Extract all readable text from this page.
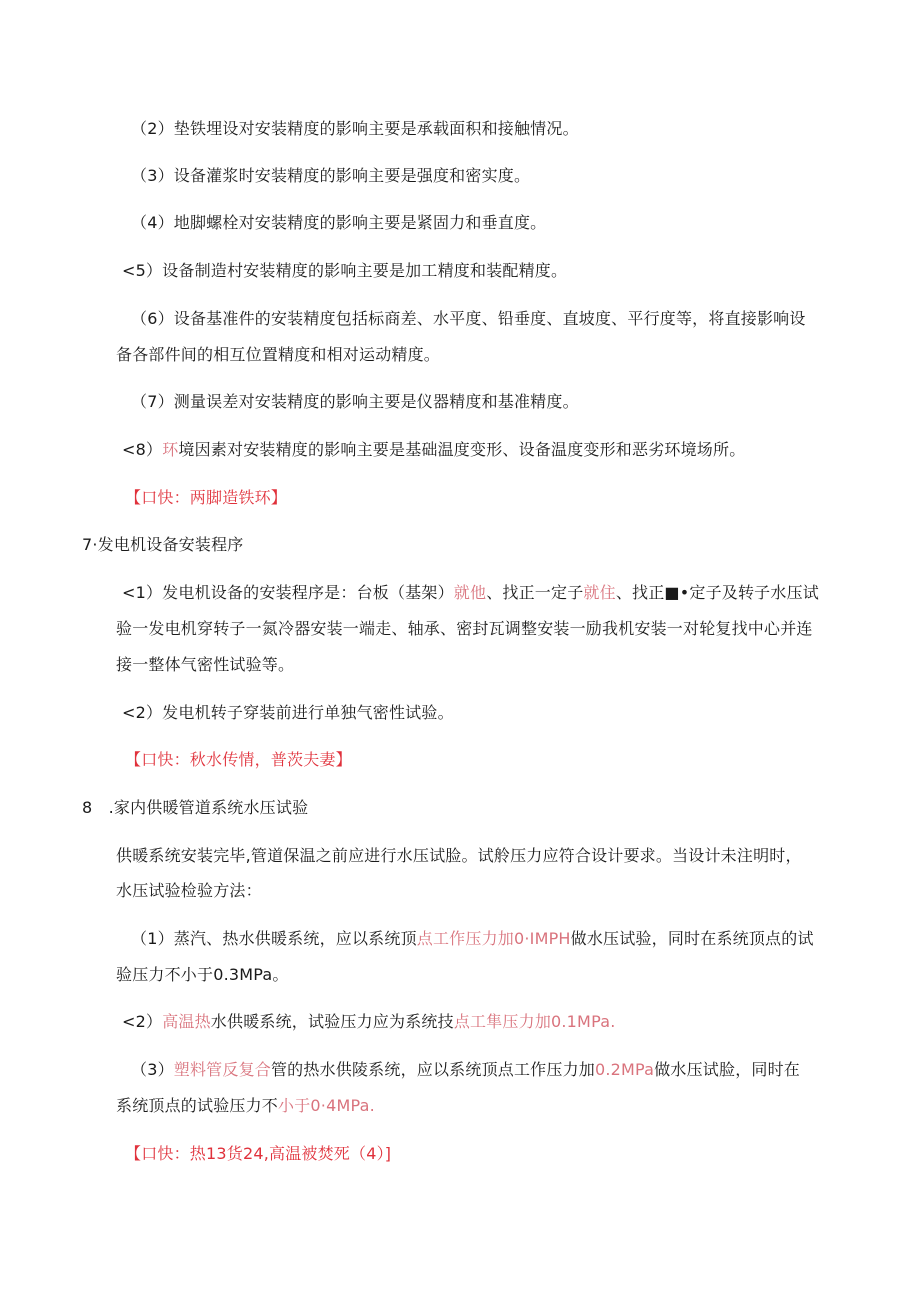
（2）垫铁埋设对安装精度的影响主要是承载面积和接触情况。
（3）设备灌浆时安装精度的影响主要是强度和密实度。
（4）地脚螺栓对安装精度的影响主要是紧固力和垂直度。
<5）设备制造村安装精度的影响主要是加工精度和装配精度。
（6）设备基准件的安装精度包括标商差、水平度、铅垂度、直坡度、平行度等，将直接影响设
备各部件间的相互位置精度和相对运动精度。
（7）测量误差对安装精度的影响主要是仪器精度和基准精度。
<8）环境因素对安装精度的影响主要是基础温度变形、设备温度变形和恶劣环境场所。
【口快：两脚造铁环】
7·发电机设备安装程序
<1）发电机设备的安装程序是：台板（基架）就他、找正一定子就住、找正■•定子及转子水压试
验一发电机穿转子一氮冷器安装一端走、轴承、密封瓦调整安装一励我机安装一对轮复找中心并连
接一整体气密性试验等。
<2）发电机转子穿装前进行单独气密性试验。
【口快：秋水传情，普茨夫妻】
8　.家内供暖管道系统水压试验
供暖系统安装完毕,管道保温之前应进行水压试脸。试舲压力应符合设计要求。当设计未注明时，
水压试验检验方法：
（1）蒸汽、热水供暖系统，应以系统顶点工作压力加0·IMPH做水压试验，同时在系统顶点的试
验压力不小于0.3MPa。
<2）高温热水供暖系统，试验压力应为系统技点工隼压力加0.1MPa.
（3）塑料管反复合管的热水供陵系统，应以系统顶点工作压力加0.2MPa做水压试脸，同时在
系统顶点的试验压力不小于0·4MPa.
【口快：热13货24,高温被焚死（4）]
